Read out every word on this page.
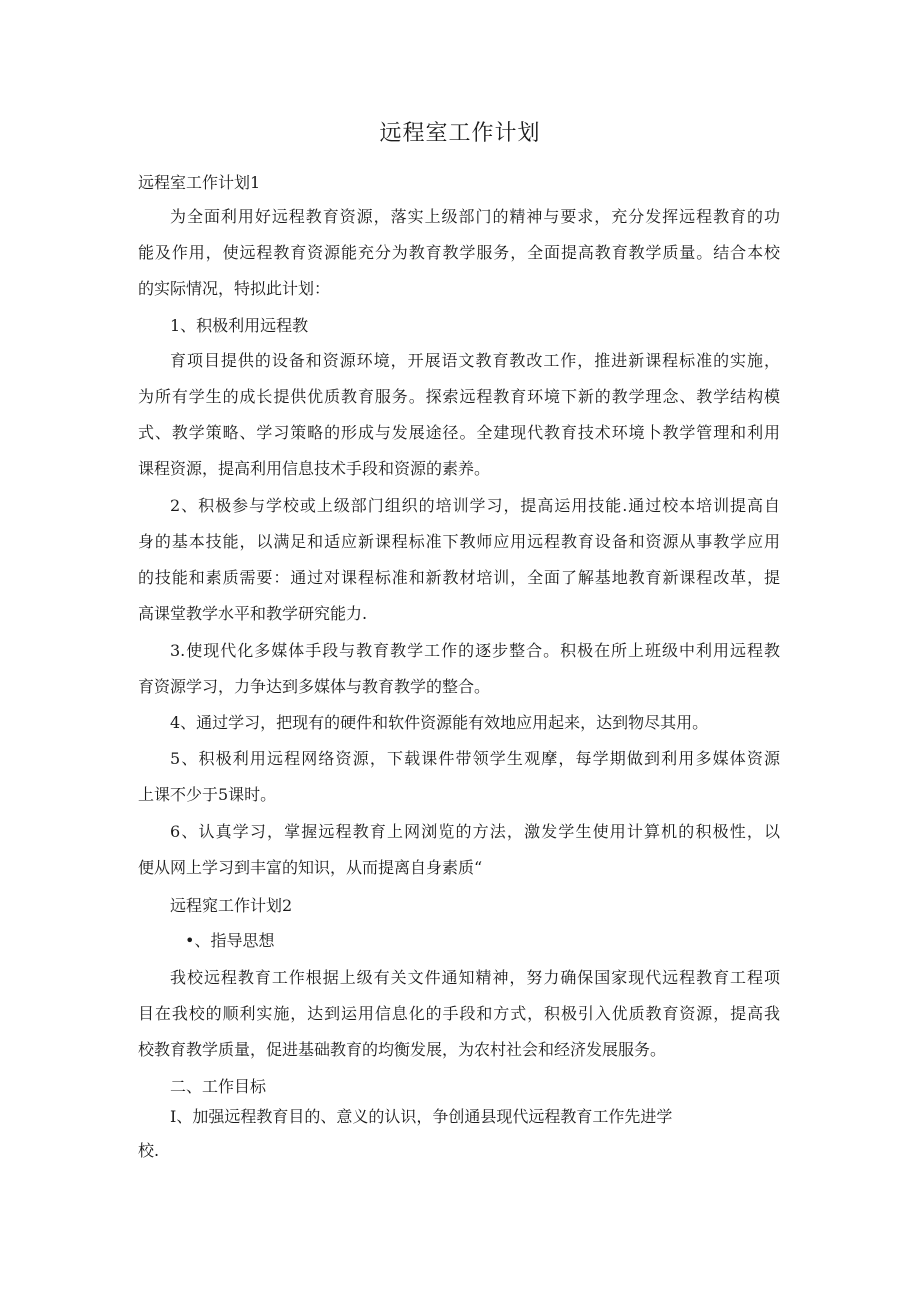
远程室工作计划
远程室工作计划1
为全面利用好远程教育资源，落实上级部门的精神与要求，充分发挥远程教育的功
能及作用，使远程教育资源能充分为教育教学服务，全面提高教育教学质量。结合本校
的实际情况，特拟此计划：
1、积极利用远程教
育项目提供的设备和资源环境，开展语文教育教改工作，推进新课程标准的实施，
为所有学生的成长提供优质教育服务。探索远程教育环境下新的教学理念、教学结构模
式、教学策略、学习策略的形成与发展途径。全建现代教育技术环境卜教学管理和利用
课程资源，提高利用信息技术手段和资源的素养。
2、积极参与学校或上级部门组织的培训学习，提高运用技能.通过校本培训提高自
身的基本技能，以满足和适应新课程标准下教师应用远程教育设备和资源从事教学应用
的技能和素质需要：通过对课程标准和新教材培训，全面了解基地教育新课程改革，提
高课堂教学水平和教学研究能力.
3.使现代化多媒体手段与教育教学工作的逐步整合。积极在所上班级中利用远程教
育资源学习，力争达到多媒体与教育教学的整合。
4、通过学习，把现有的硬件和软件资源能有效地应用起来，达到物尽其用。
5、积极利用远程网络资源，下载课件带领学生观摩，每学期做到利用多媒体资源
上课不少于5课时。
6、认真学习，掌握远程教育上网浏览的方法，激发学生使用计算机的积极性，以
便从网上学习到丰富的知识，从而提离自身素质“
远程窕工作计划2
•、指导思想
我校远程教育工作根据上级有关文件通知精神，努力确保国家现代远程教育工程项
目在我校的顺利实施，达到运用信息化的手段和方式，积极引入优质教育资源，提高我
校教育教学质量，促进基础教育的均衡发展，为农村社会和经济发展服务。
二、工作目标
I、加强远程教育目的、意义的认识，争创通县现代远程教育工作先进学
校.
